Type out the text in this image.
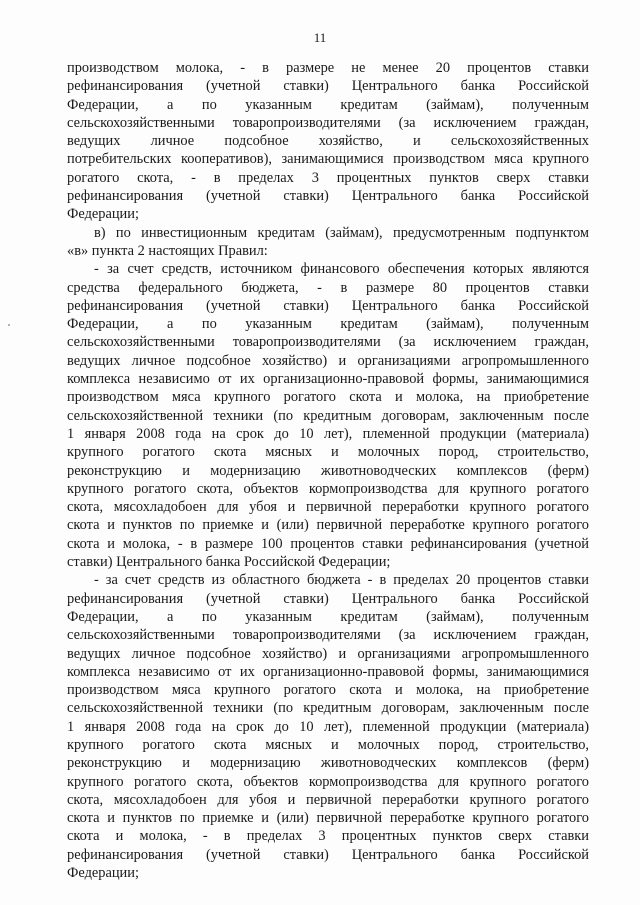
11
производством молока, - в размере не менее 20 процентов ставки
рефинансирования (учетной ставки) Центрального банка Российской
Федерации, а по указанным кредитам (займам), полученным
сельскохозяйственными товаропроизводителями (за исключением граждан,
ведущих личное подсобное хозяйство, и сельскохозяйственных
потребительских кооперативов), занимающимися производством мяса крупного
рогатого скота, - в пределах 3 процентных пунктов сверх ставки
рефинансирования (учетной ставки) Центрального банка Российской
Федерации;
в) по инвестиционным кредитам (займам), предусмотренным подпунктом
«в» пункта 2 настоящих Правил:
- за счет средств, источником финансового обеспечения которых являются
средства федерального бюджета, - в размере 80 процентов ставки
рефинансирования (учетной ставки) Центрального банка Российской
Федерации, а по указанным кредитам (займам), полученным
сельскохозяйственными товаропроизводителями (за исключением граждан,
ведущих личное подсобное хозяйство) и организациями агропромышленного
комплекса независимо от их организационно-правовой формы, занимающимися
производством мяса крупного рогатого скота и молока, на приобретение
сельскохозяйственной техники (по кредитным договорам, заключенным после
1 января 2008 года на срок до 10 лет), племенной продукции (материала)
крупного рогатого скота мясных и молочных пород, строительство,
реконструкцию и модернизацию животноводческих комплексов (ферм)
крупного рогатого скота, объектов кормопроизводства для крупного рогатого
скота, мясохладобоен для убоя и первичной переработки крупного рогатого
скота и пунктов по приемке и (или) первичной переработке крупного рогатого
скота и молока, - в размере 100 процентов ставки рефинансирования (учетной
ставки) Центрального банка Российской Федерации;
- за счет средств из областного бюджета - в пределах 20 процентов ставки
рефинансирования (учетной ставки) Центрального банка Российской
Федерации, а по указанным кредитам (займам), полученным
сельскохозяйственными товаропроизводителями (за исключением граждан,
ведущих личное подсобное хозяйство) и организациями агропромышленного
комплекса независимо от их организационно-правовой формы, занимающимися
производством мяса крупного рогатого скота и молока, на приобретение
сельскохозяйственной техники (по кредитным договорам, заключенным после
1 января 2008 года на срок до 10 лет), племенной продукции (материала)
крупного рогатого скота мясных и молочных пород, строительство,
реконструкцию и модернизацию животноводческих комплексов (ферм)
крупного рогатого скота, объектов кормопроизводства для крупного рогатого
скота, мясохладобоен для убоя и первичной переработки крупного рогатого
скота и пунктов по приемке и (или) первичной переработке крупного рогатого
скота и молока, - в пределах 3 процентных пунктов сверх ставки
рефинансирования (учетной ставки) Центрального банка Российской
Федерации;
